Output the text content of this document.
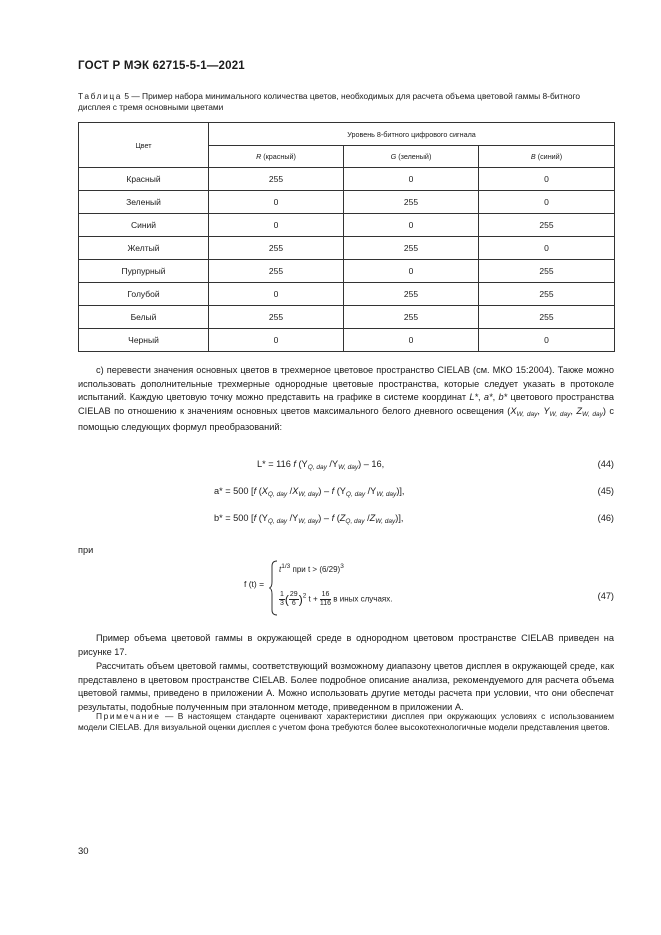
ГОСТ Р МЭК 62715-5-1—2021
Таблица 5 — Пример набора минимального количества цветов, необходимых для расчета объема цветовой гаммы 8-битного дисплея с тремя основными цветами
Цвет	Уровень 8-битного цифрового сигнала		
	R (красный)	G (зеленый)	B (синий)
Красный	255	0	0
Зеленый	0	255	0
Синий	0	0	255
Желтый	255	255	0
Пурпурный	255	0	255
Голубой	0	255	255
Белый	255	255	255
Черный	0	0	0
c) перевести значения основных цветов в трехмерное цветовое пространство CIELAB (см. МКО 15:2004). Также можно использовать дополнительные трехмерные однородные цветовые пространства, которые следует указать в протоколе испытаний. Каждую цветовую точку можно представить на графике в системе координат L*, a*, b* цветового пространства CIELAB по отношению к значениям основных цветов максимального белого дневного освещения ($X_{W, day}$, $Y_{W, day}$, $Z_{W, day}$) с помощью следующих формул преобразований:
L* = 116 f ($Y_{Q, day}$ $/Y_{W, day}) - 16$,	(44)
a* = 500 [f ($X_{Q, day}$ $/X_{W, day}$) – f ($Y_{Q, day}$ $/Y_{W, day}$)],	(45)
b* = 500 [f ($Y_{Q, day}$ $/Y_{W, day}$) – f ($Z_{Q, day}$ $/Z_{W, day}$)],	(46)
при
f (t) =
$t^{1/3}$ при $t > (6/29)^3$
$\frac{1}{3}$ ( $\frac{29}{6} )^2$ $t + \frac{16}{116}$ в иных случаях.	(47)
Пример объема цветовой гаммы в окружающей среде в однородном цветовом пространстве CIELAB приведен на рисунке 17.
Рассчитать объем цветовой гаммы, соответствующий возможному диапазону цветов дисплея в окружающей среде, как представлено в цветовом пространстве CIELAB. Более подробное описание анализа, рекомендуемого для расчета объема цветовой гаммы, приведено в приложении А. Можно использовать другие методы расчета при условии, что они обеспечат результаты, подобные полученным при эталонном методе, приведенном в приложении А.
Примечание — В настоящем стандарте оценивают характеристики дисплея при окружающих условиях с использованием модели CIELAB. Для визуальной оценки дисплея с учетом фона требуются более высокотехнологичные модели представления цветов.
30
